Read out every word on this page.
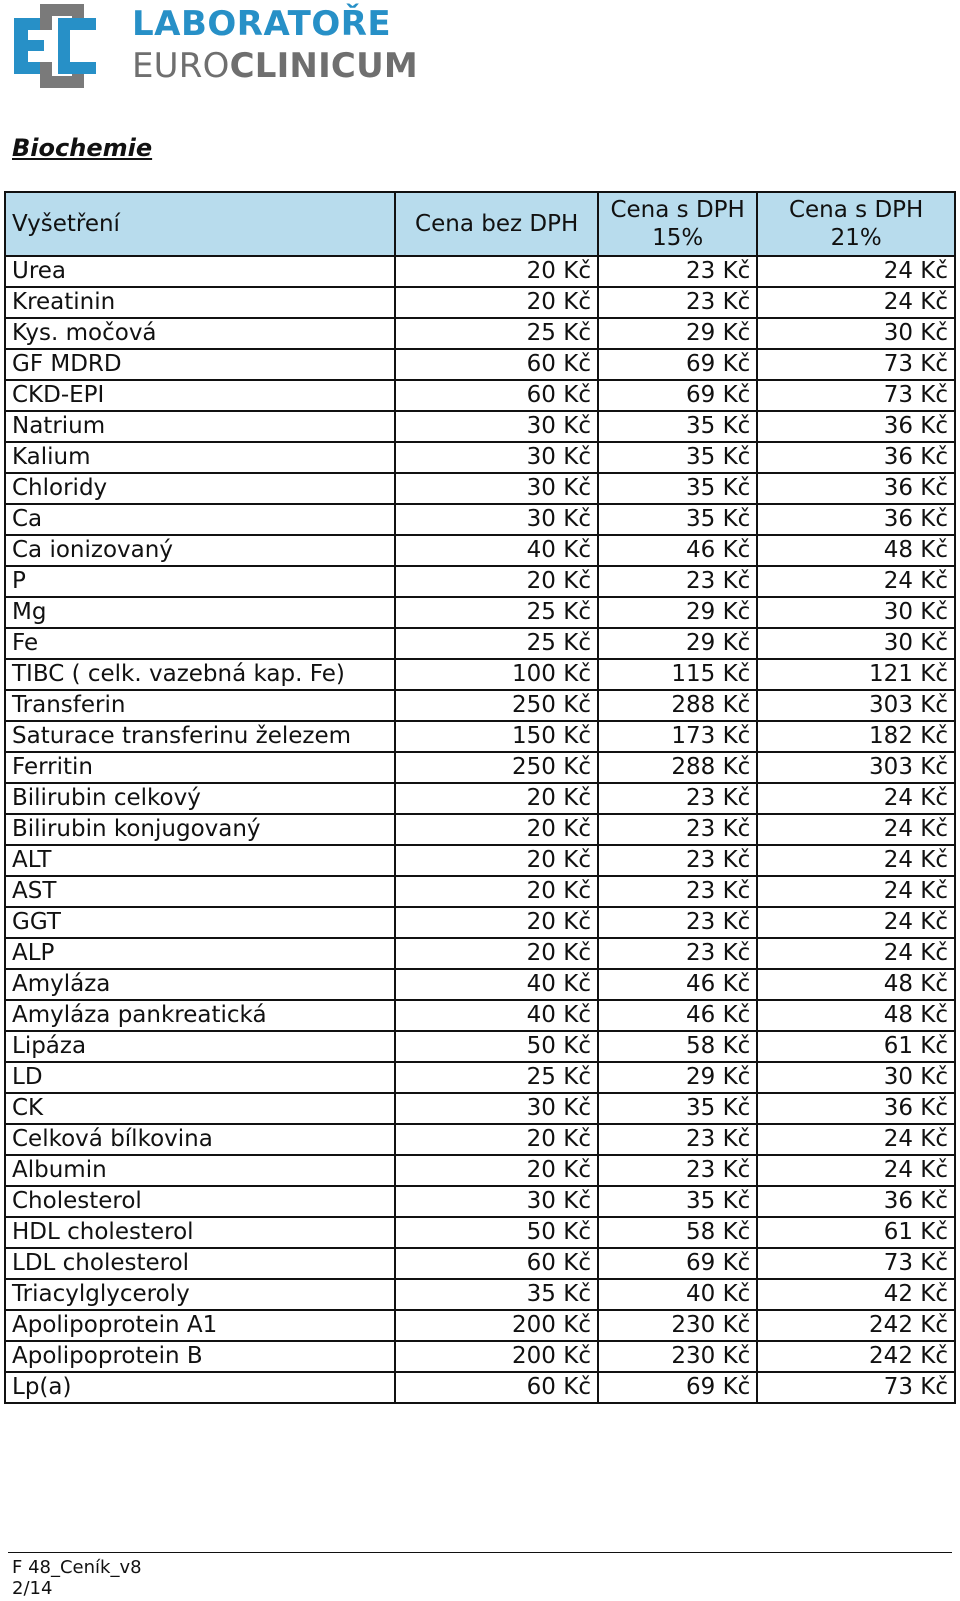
LABORATOŘE
EUROCLINICUM
Biochemie
Vyšetření	Cena bez DPH	Cena s DPH 15%	Cena s DPH 21%
Urea	20 Kč	23 Kč	24 Kč
Kreatinin	20 Kč	23 Kč	24 Kč
Kys. močová	25 Kč	29 Kč	30 Kč
GF MDRD	60 Kč	69 Kč	73 Kč
CKD-EPI	60 Kč	69 Kč	73 Kč
Natrium	30 Kč	35 Kč	36 Kč
Kalium	30 Kč	35 Kč	36 Kč
Chloridy	30 Kč	35 Kč	36 Kč
Ca	30 Kč	35 Kč	36 Kč
Ca ionizovaný	40 Kč	46 Kč	48 Kč
P	20 Kč	23 Kč	24 Kč
Mg	25 Kč	29 Kč	30 Kč
Fe	25 Kč	29 Kč	30 Kč
TIBC ( celk. vazebná kap. Fe)	100 Kč	115 Kč	121 Kč
Transferin	250 Kč	288 Kč	303 Kč
Saturace transferinu železem	150 Kč	173 Kč	182 Kč
Ferritin	250 Kč	288 Kč	303 Kč
Bilirubin celkový	20 Kč	23 Kč	24 Kč
Bilirubin konjugovaný	20 Kč	23 Kč	24 Kč
ALT	20 Kč	23 Kč	24 Kč
AST	20 Kč	23 Kč	24 Kč
GGT	20 Kč	23 Kč	24 Kč
ALP	20 Kč	23 Kč	24 Kč
Amyláza	40 Kč	46 Kč	48 Kč
Amyláza pankreatická	40 Kč	46 Kč	48 Kč
Lipáza	50 Kč	58 Kč	61 Kč
LD	25 Kč	29 Kč	30 Kč
CK	30 Kč	35 Kč	36 Kč
Celková bílkovina	20 Kč	23 Kč	24 Kč
Albumin	20 Kč	23 Kč	24 Kč
Cholesterol	30 Kč	35 Kč	36 Kč
HDL cholesterol	50 Kč	58 Kč	61 Kč
LDL cholesterol	60 Kč	69 Kč	73 Kč
Triacylglyceroly	35 Kč	40 Kč	42 Kč
Apolipoprotein A1	200 Kč	230 Kč	242 Kč
Apolipoprotein B	200 Kč	230 Kč	242 Kč
Lp(a)	60 Kč	69 Kč	73 Kč
F 48_Ceník_v8
2/14
